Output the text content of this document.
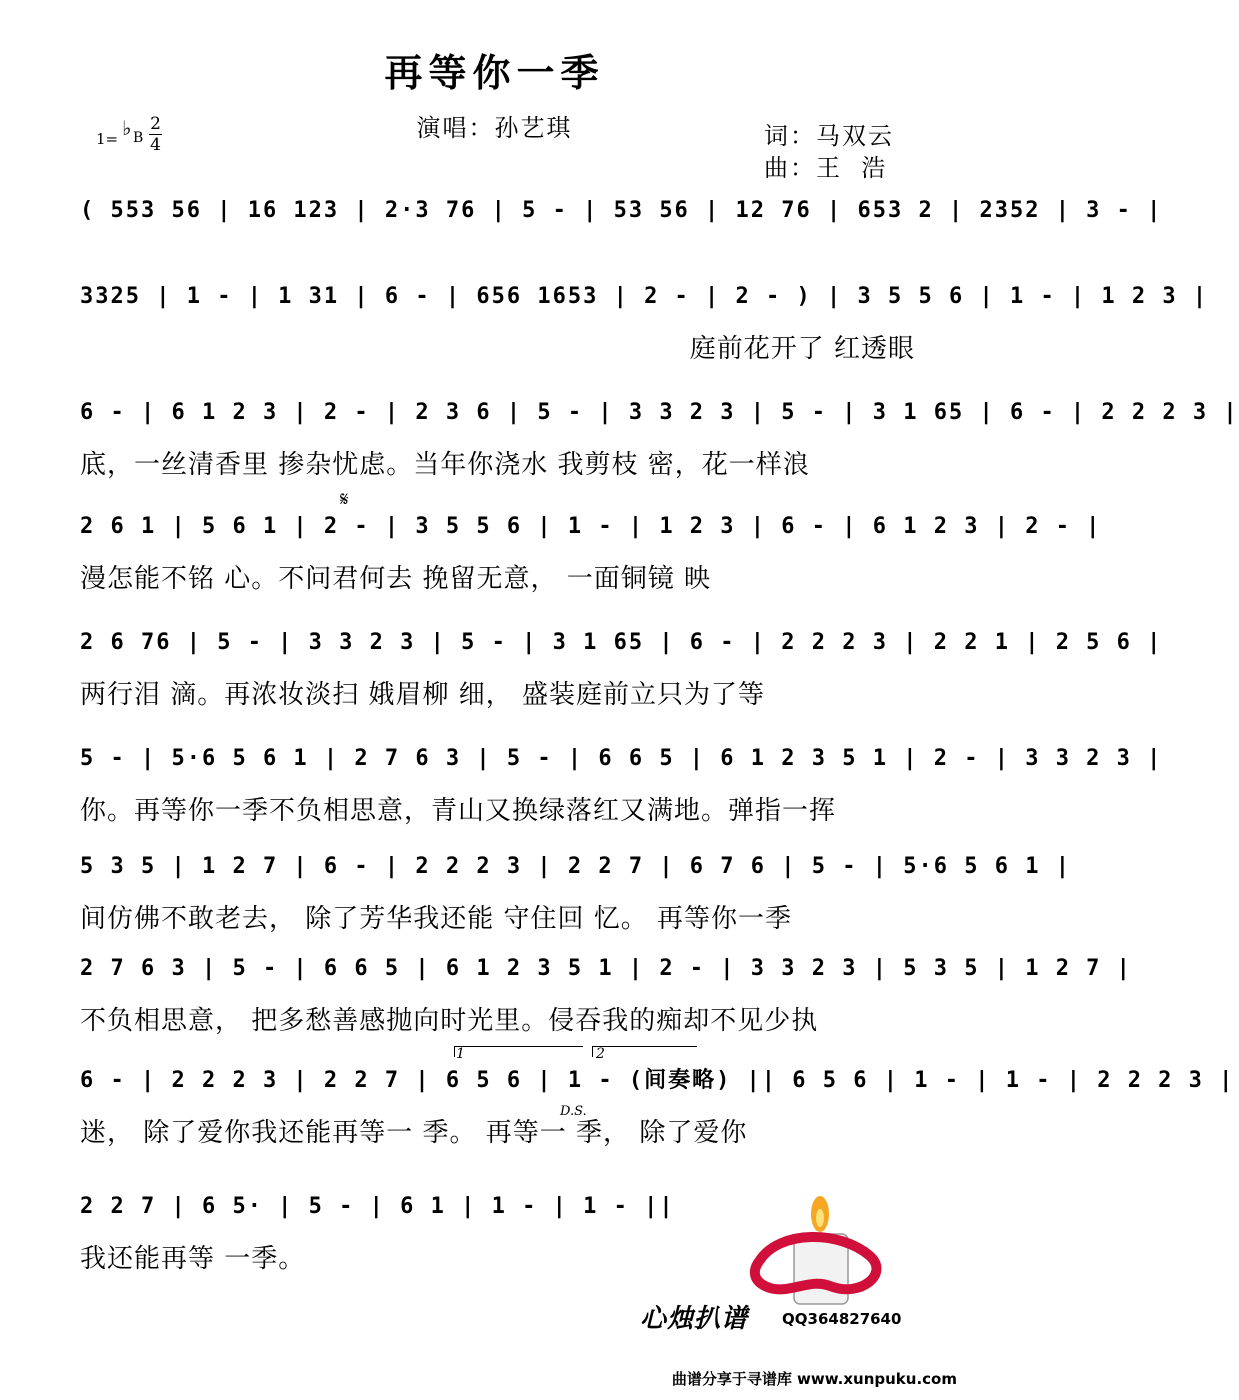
再等你一季
演唱：孙艺琪
1= ♭ B
2
4	词：马双云
曲：王  浩
( 553 56 | 16 123 | 2·3 76 | 5 - | 53 56 | 12 76 | 653 2 | 2352 | 3 - |
3325 | 1 - | 1 31 | 6 - | 656 1653 | 2 - | 2 - ) | 3 5 5 6 | 1 - | 1 2 3 |
庭前花开了 红透眼
6 - | 6 1 2 3 | 2 - | 2 3 6 | 5 - | 3 3 2 3 | 5 - | 3 1 65 | 6 - | 2 2 2 3 |
底，一丝清香里 掺杂忧虑。当年你浇水 我剪枝 密，花一样浪
2 6 1 | 5 6 1 | 2 - | 3 5 5 6 | 1 - | 1 2 3 | 6 - | 6 1 2 3 | 2 - |
漫怎能不铭 心。不问君何去 挽留无意， 一面铜镜 映
2 6 76 | 5 - | 3 3 2 3 | 5 - | 3 1 65 | 6 - | 2 2 2 3 | 2 2 1 | 2 5 6 |
两行泪 滴。再浓妆淡扫 娥眉柳 细， 盛装庭前立只为了等
5 - | 5·6 5 6 1 | 2 7 6 3 | 5 - | 6 6 5 | 6 1 2 3 5 1 | 2 - | 3 3 2 3 |
你。再等你一季不负相思意，青山又换绿落红又满地。弹指一挥
5 3 5 | 1 2 7 | 6 - | 2 2 2 3 | 2 2 7 | 6 7 6 | 5 - | 5·6 5 6 1 |
间仿佛不敢老去， 除了芳华我还能 守住回 忆。 再等你一季
2 7 6 3 | 5 - | 6 6 5 | 6 1 2 3 5 1 | 2 - | 3 3 2 3 | 5 3 5 | 1 2 7 |
不负相思意， 把多愁善感抛向时光里。侵吞我的痴却不见少执
6 - | 2 2 2 3 | 2 2 7 | 6 5 6 | 1 - (间奏略) || 6 5 6 | 1 - | 1 - | 2 2 2 3 |
迷， 除了爱你我还能再等一 季。 再等一 季， 除了爱你
2 2 7 | 6 5· | 5 - | 6 1 | 1 - | 1 - ||
我还能再等 一季。
𝄋
1	2
D.S.
心烛扒谱 QQ364827640
曲谱分享于寻谱库 www.xunpuku.com
